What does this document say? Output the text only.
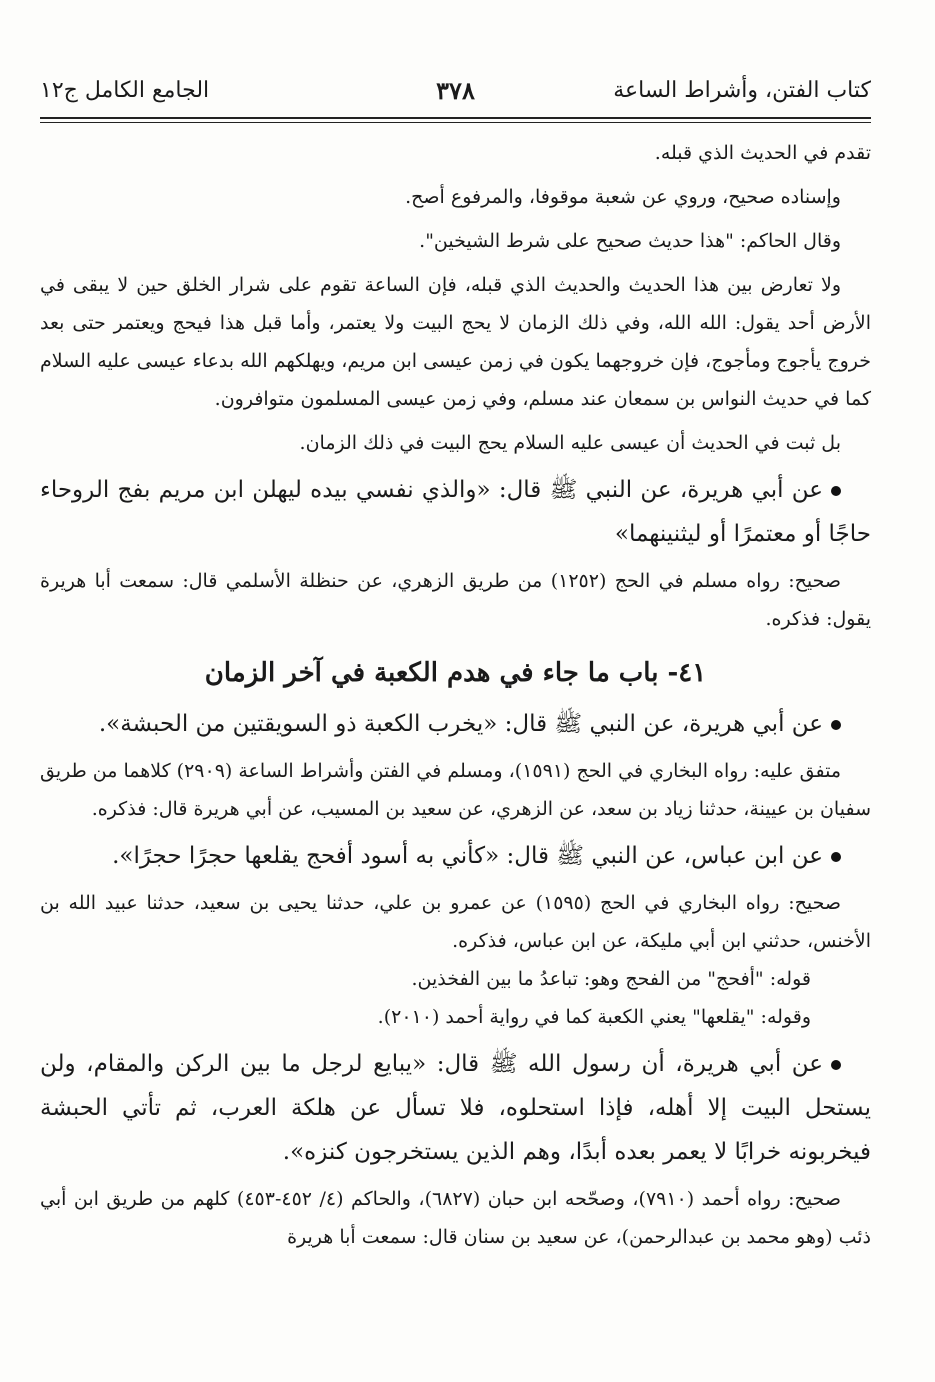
كتاب الفتن، وأشراط الساعة
٣٧٨
الجامع الكامل ج١٢

تقدم في الحديث الذي قبله.

وإسناده صحيح، وروي عن شعبة موقوفا، والمرفوع أصح.

وقال الحاكم: "هذا حديث صحيح على شرط الشيخين".

ولا تعارض بين هذا الحديث والحديث الذي قبله، فإن الساعة تقوم على شرار الخلق حين لا يبقى في الأرض أحد يقول: الله الله، وفي ذلك الزمان لا يحج البيت ولا يعتمر، وأما قبل هذا فيحج ويعتمر حتى بعد خروج يأجوج ومأجوج، فإن خروجهما يكون في زمن عيسى ابن مريم، ويهلكهم الله بدعاء عيسى عليه السلام كما في حديث النواس بن سمعان عند مسلم، وفي زمن عيسى المسلمون متوافرون.

بل ثبت في الحديث أن عيسى عليه السلام يحج البيت في ذلك الزمان.

عن أبي هريرة، عن النبي ﷺ قال: «والذي نفسي بيده ليهلن ابن مريم بفج الروحاء حاجًا أو معتمرًا أو ليثنينهما»

صحيح: رواه مسلم في الحج (١٢٥٢) من طريق الزهري، عن حنظلة الأسلمي قال: سمعت أبا هريرة يقول: فذكره.

٤١- باب ما جاء في هدم الكعبة في آخر الزمان

عن أبي هريرة، عن النبي ﷺ قال: «يخرب الكعبة ذو السويقتين من الحبشة».

متفق عليه: رواه البخاري في الحج (١٥٩١)، ومسلم في الفتن وأشراط الساعة (٢٩٠٩) كلاهما من طريق سفيان بن عيينة، حدثنا زياد بن سعد، عن الزهري، عن سعيد بن المسيب، عن أبي هريرة قال: فذكره.

عن ابن عباس، عن النبي ﷺ قال: «كأني به أسود أفحج يقلعها حجرًا حجرًا».

صحيح: رواه البخاري في الحج (١٥٩٥) عن عمرو بن علي، حدثنا يحيى بن سعيد، حدثنا عبيد الله بن الأخنس، حدثني ابن أبي مليكة، عن ابن عباس، فذكره.

قوله: "أفحج" من الفحج وهو: تباعدُ ما بين الفخذين.

وقوله: "يقلعها" يعني الكعبة كما في رواية أحمد (٢٠١٠).

عن أبي هريرة، أن رسول الله ﷺ قال: «يبايع لرجل ما بين الركن والمقام، ولن يستحل البيت إلا أهله، فإذا استحلوه، فلا تسأل عن هلكة العرب، ثم تأتي الحبشة فيخربونه خرابًا لا يعمر بعده أبدًا، وهم الذين يستخرجون كنزه».

صحيح: رواه أحمد (٧٩١٠)، وصحّحه ابن حبان (٦٨٢٧)، والحاكم (٤/ ٤٥٢-٤٥٣) كلهم من طريق ابن أبي ذئب (وهو محمد بن عبدالرحمن)، عن سعيد بن سنان قال: سمعت أبا هريرة
